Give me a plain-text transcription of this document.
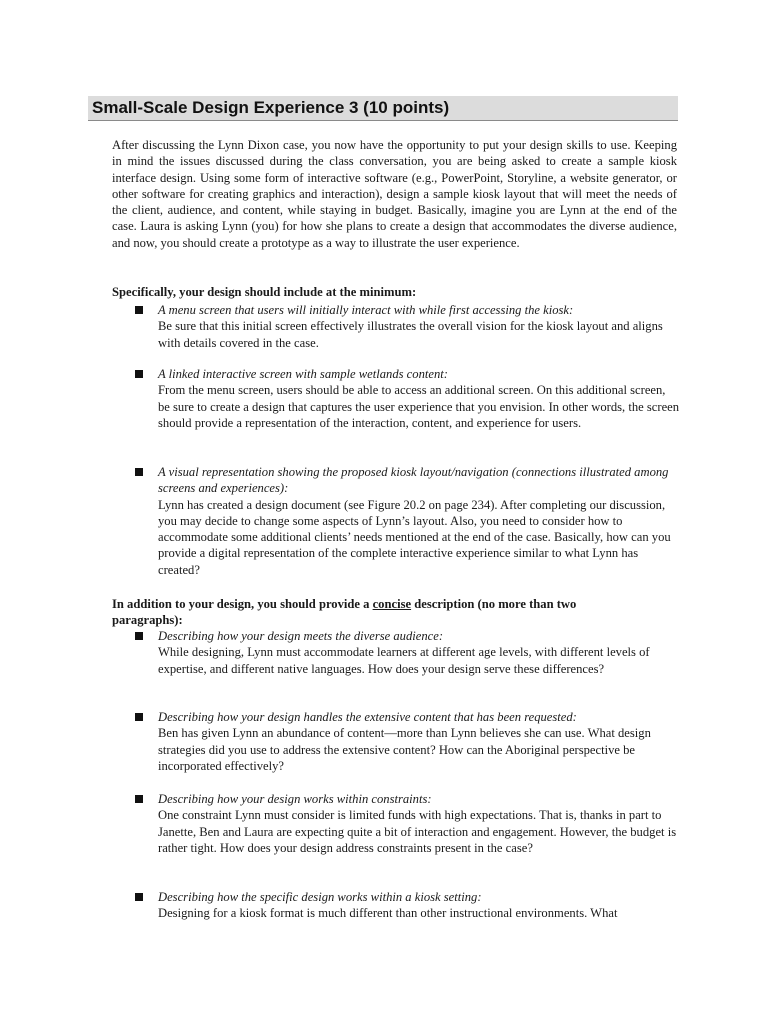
Small-Scale Design Experience 3 (10 points)

After discussing the Lynn Dixon case, you now have the opportunity to put your design skills to use. Keeping in mind the issues discussed during the class conversation, you are being asked to create a sample kiosk interface design. Using some form of interactive software (e.g., PowerPoint, Storyline, a website generator, or other software for creating graphics and interaction), design a sample kiosk layout that will meet the needs of the client, audience, and content, while staying in budget. Basically, imagine you are Lynn at the end of the case. Laura is asking Lynn (you) for how she plans to create a design that accommodates the diverse audience, and now, you should create a prototype as a way to illustrate the user experience.

Specifically, your design should include at the minimum:

A menu screen that users will initially interact with while first accessing the kiosk:
Be sure that this initial screen effectively illustrates the overall vision for the kiosk layout and aligns with details covered in the case.
A linked interactive screen with sample wetlands content:
From the menu screen, users should be able to access an additional screen. On this additional screen, be sure to create a design that captures the user experience that you envision. In other words, the screen should provide a representation of the interaction, content, and experience for users.
A visual representation showing the proposed kiosk layout/navigation (connections illustrated among screens and experiences):
Lynn has created a design document (see Figure 20.2 on page 234). After completing our discussion, you may decide to change some aspects of Lynn’s layout. Also, you need to consider how to accommodate some additional clients’ needs mentioned at the end of the case. Basically, how can you provide a digital representation of the complete interactive experience similar to what Lynn has created?

In addition to your design, you should provide a concise description (no more than two paragraphs):

Describing how your design meets the diverse audience:
While designing, Lynn must accommodate learners at different age levels, with different levels of expertise, and different native languages. How does your design serve these differences?
Describing how your design handles the extensive content that has been requested:
Ben has given Lynn an abundance of content—more than Lynn believes she can use. What design strategies did you use to address the extensive content? How can the Aboriginal perspective be incorporated effectively?
Describing how your design works within constraints:
One constraint Lynn must consider is limited funds with high expectations. That is, thanks in part to Janette, Ben and Laura are expecting quite a bit of interaction and engagement. However, the budget is rather tight. How does your design address constraints present in the case?
Describing how the specific design works within a kiosk setting:
Designing for a kiosk format is much different than other instructional environments. What
